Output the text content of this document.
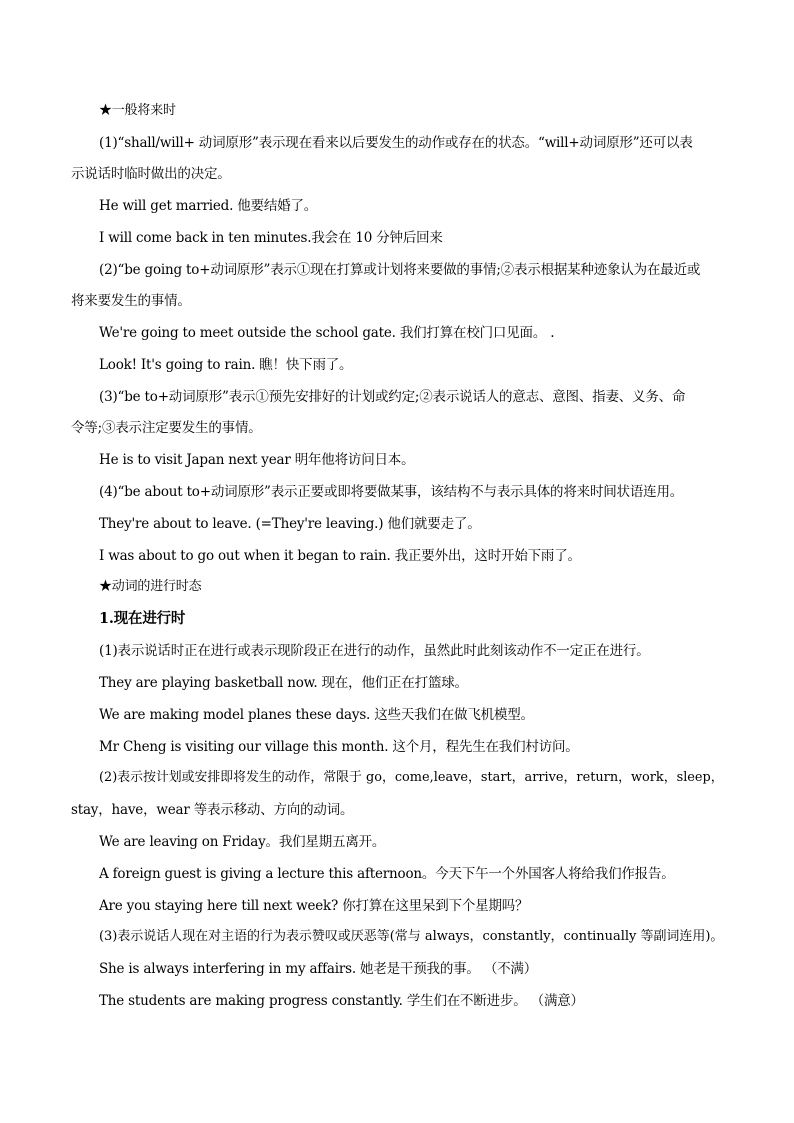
★一般将来时
(1)“shall/will+ 动词原形”表示现在看来以后要发生的动作或存在的状态。“will+动词原形”还可以表
示说话时临时做出的决定。
He will get married. 他要结婚了。
I will come back in ten minutes.我会在 10 分钟后回来
(2)“be going to+动词原形”表示①现在打算或计划将来要做的事情;②表示根据某种迹象认为在最近或
将来要发生的事情。
We're going to meet outside the school gate. 我们打算在校门口见面。 .
Look! It's going to rain. 瞧！快下雨了。
(3)“be to+动词原形”表示①预先安排好的计划或约定;②表示说话人的意志、意图、指妻、义务、命
令等;③表示注定要发生的事情。
He is to visit Japan next year 明年他将访问日本。
(4)“be about to+动词原形”表示正要或即将要做某事，该结构不与表示具体的将来时间状语连用。
They're about to leave. (=They're leaving.) 他们就要走了。
I was about to go out when it began to rain. 我正要外出，这时开始下雨了。
★动词的进行时态
1.现在进行时
(1)表示说话时正在进行或表示现阶段正在进行的动作，虽然此时此刻该动作不一定正在进行。
They are playing basketball now. 现在，他们正在打篮球。
We are making model planes these days. 这些天我们在做飞机模型。
Mr Cheng is visiting our village this month. 这个月，程先生在我们村访问。
(2)表示按计划或安排即将发生的动作，常限于 go，come,leave，start，arrive，return，work，sleep，
stay，have，wear 等表示移动、方向的动词。
We are leaving on Friday。我们星期五离开。
A foreign guest is giving a lecture this afternoon。今天下午一个外国客人将给我们作报告。
Are you staying here till next week? 你打算在这里呆到下个星期吗？
(3)表示说话人现在对主语的行为表示赞叹或厌恶等(常与 always，constantly，continually 等副词连用)。
She is always interfering in my affairs. 她老是干预我的事。 （不满）
The students are making progress constantly. 学生们在不断进步。 （满意）
